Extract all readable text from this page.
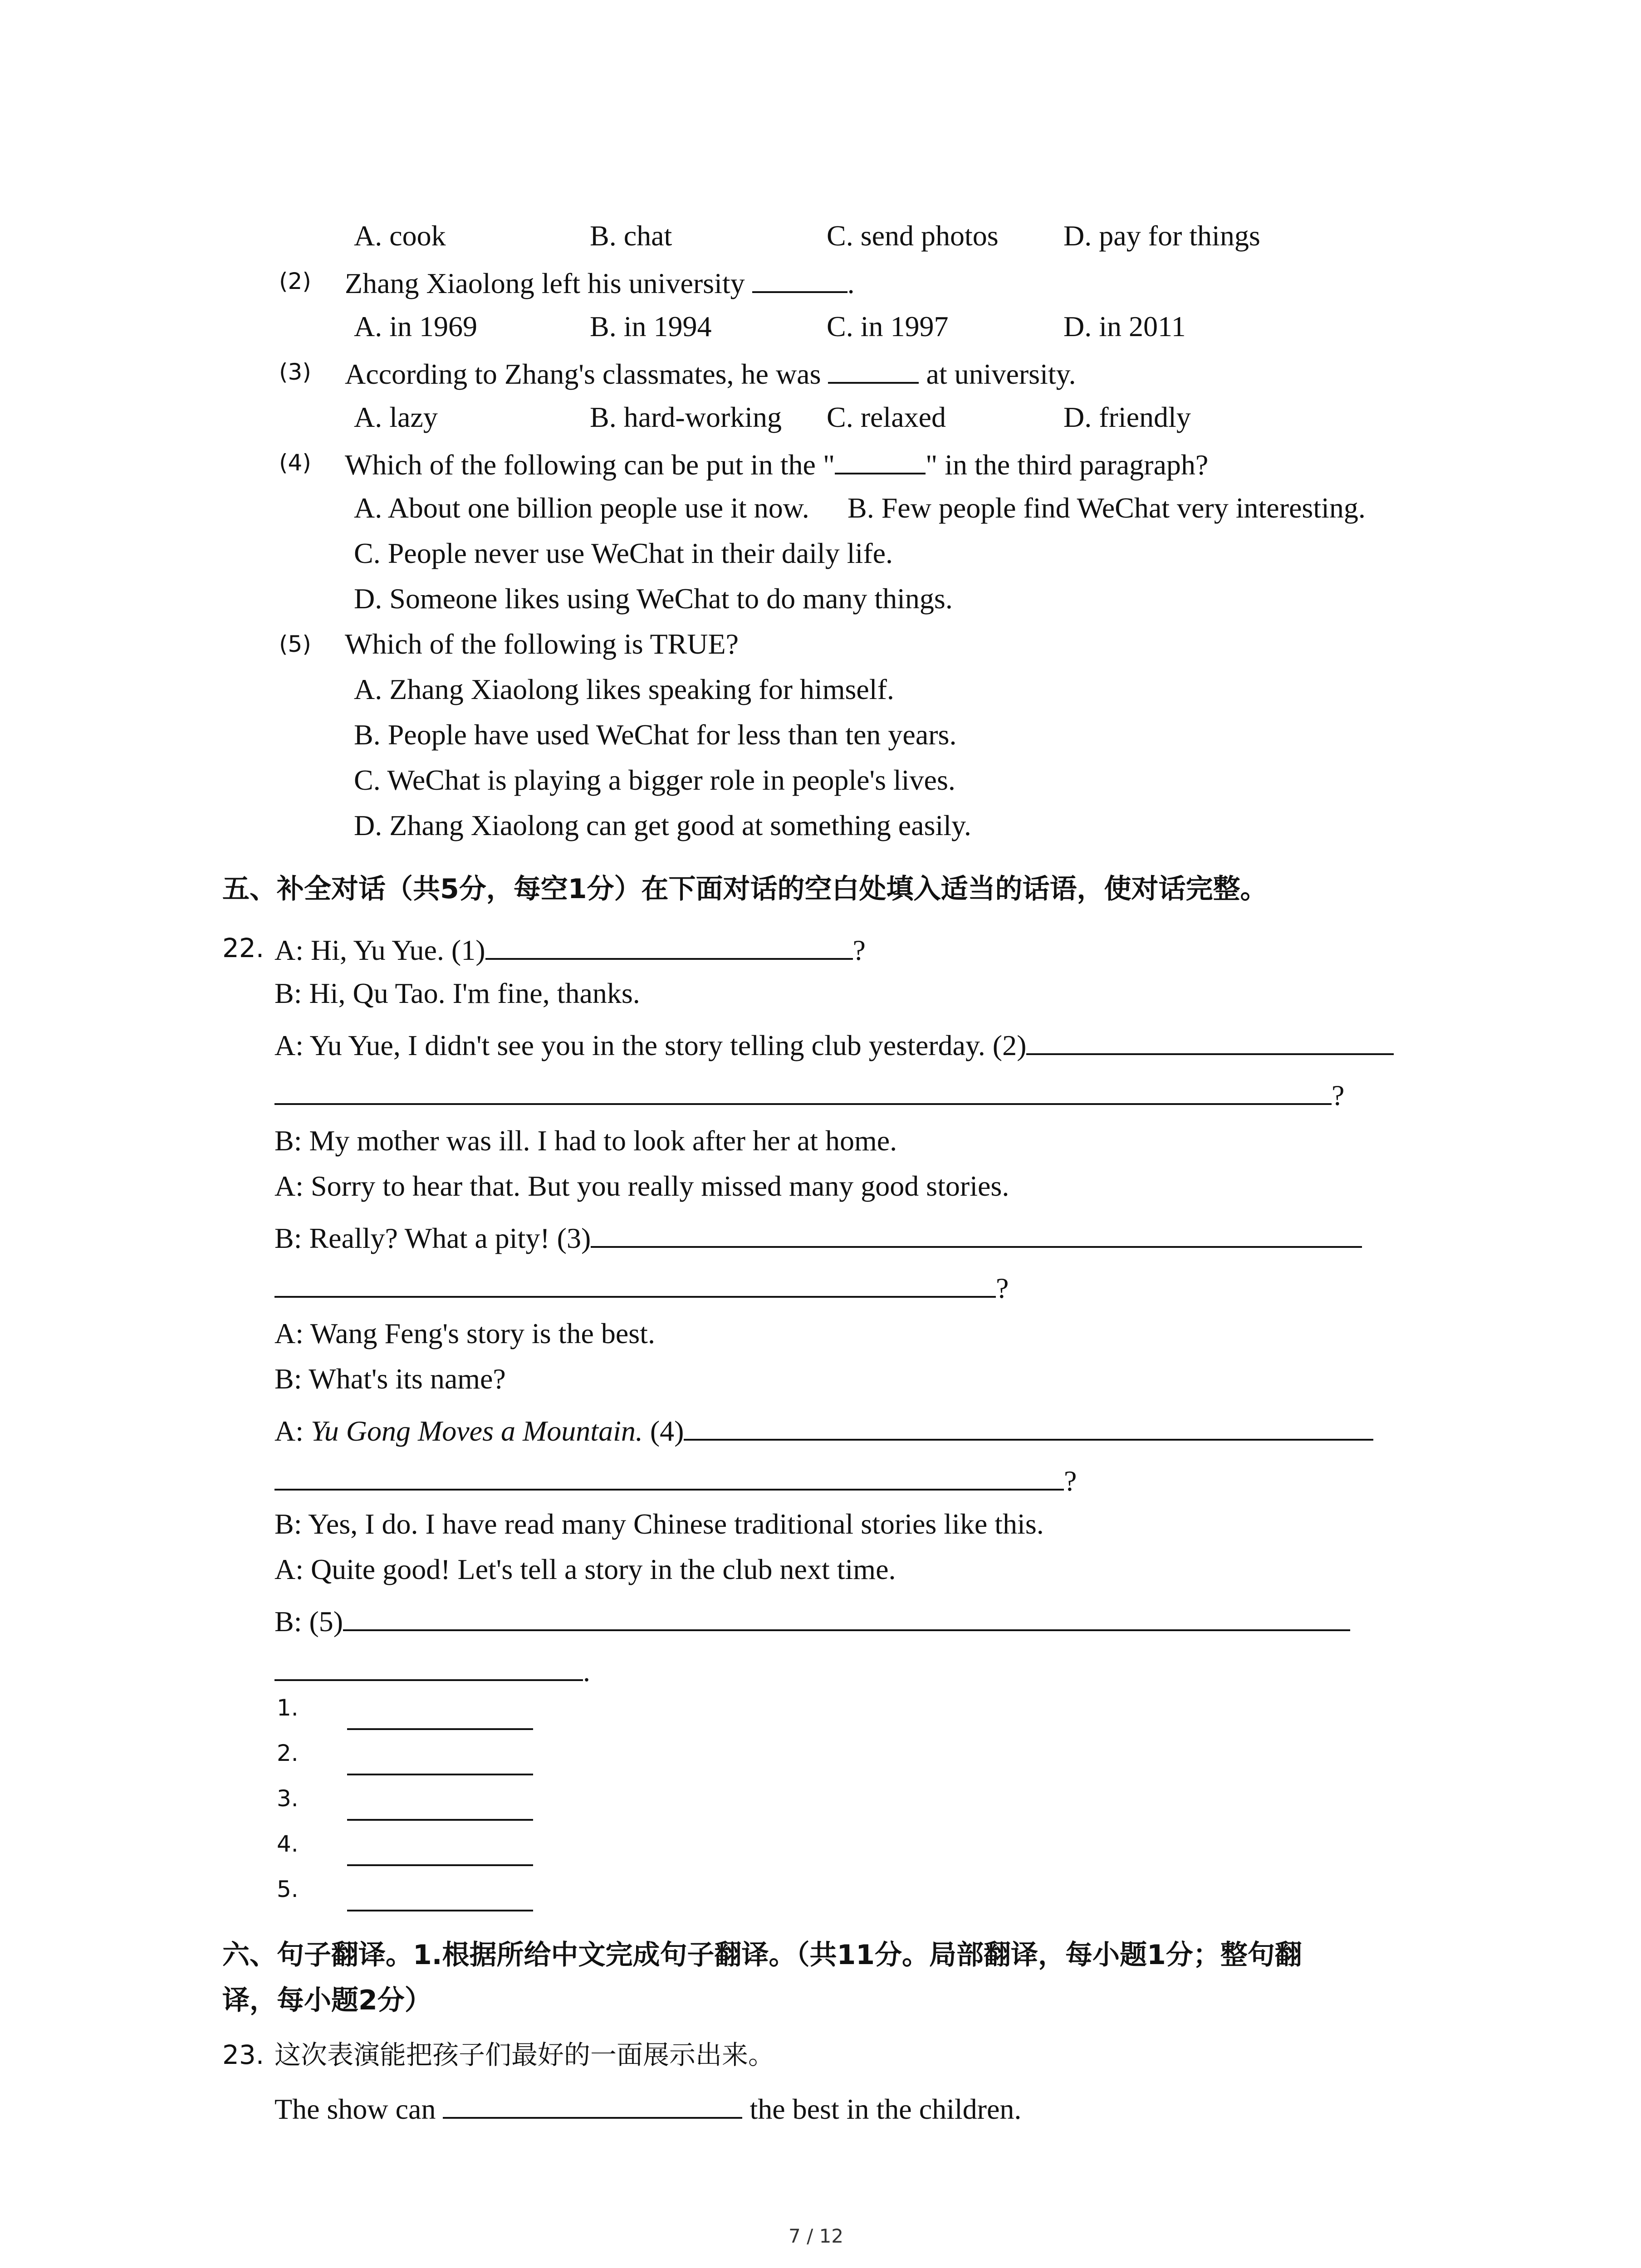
A. cook	B. chat	C. send photos D. pay for things
(2) Zhang Xiaolong left his university	.
A. in 1969	B. in 1994	C. in 1997	D. in 2011
(3) According to Zhang's classmates, he was	at university.
A. lazy	B. hard-working C. relaxed	D. friendly
(4) Which of the following can be put in the "	" in the third paragraph?
A. About one billion people use it now. B. Few people find WeChat very interesting.
C. People never use WeChat in their daily life.
D. Someone likes using WeChat to do many things.
(5) Which of the following is TRUE?
A. Zhang Xiaolong likes speaking for himself.
B. People have used WeChat for less than ten years.
C. WeChat is playing a bigger role in people's lives.
D. Zhang Xiaolong can get good at something easily.
五、补全对话（共5分，每空1分）在下面对话的空白处填入适当的话语，使对话完整。
22. A: Hi, Yu Yue. (1)	?
B: Hi, Qu Tao. I'm fine, thanks.
A: Yu Yue, I didn't see you in the story telling club yesterday. (2)
?
B: My mother was ill. I had to look after her at home.
A: Sorry to hear that. But you really missed many good stories.
B: Really? What a pity! (3)
?
A: Wang Feng's story is the best.
B: What's its name?
A: Yu Gong Moves a Mountain. (4)
?
B: Yes, I do. I have read many Chinese traditional stories like this.
A: Quite good! Let's tell a story in the club next time.
B: (5)
.
1.
2.
3.
4.
5.
六、句子翻译。1.根据所给中文完成句子翻译。（共11分。局部翻译，每小题1分；整句翻
译，每小题2分）
23. 这次表演能把孩子们最好的一面展示出来。
The show can	the best in the children.
7 / 12
